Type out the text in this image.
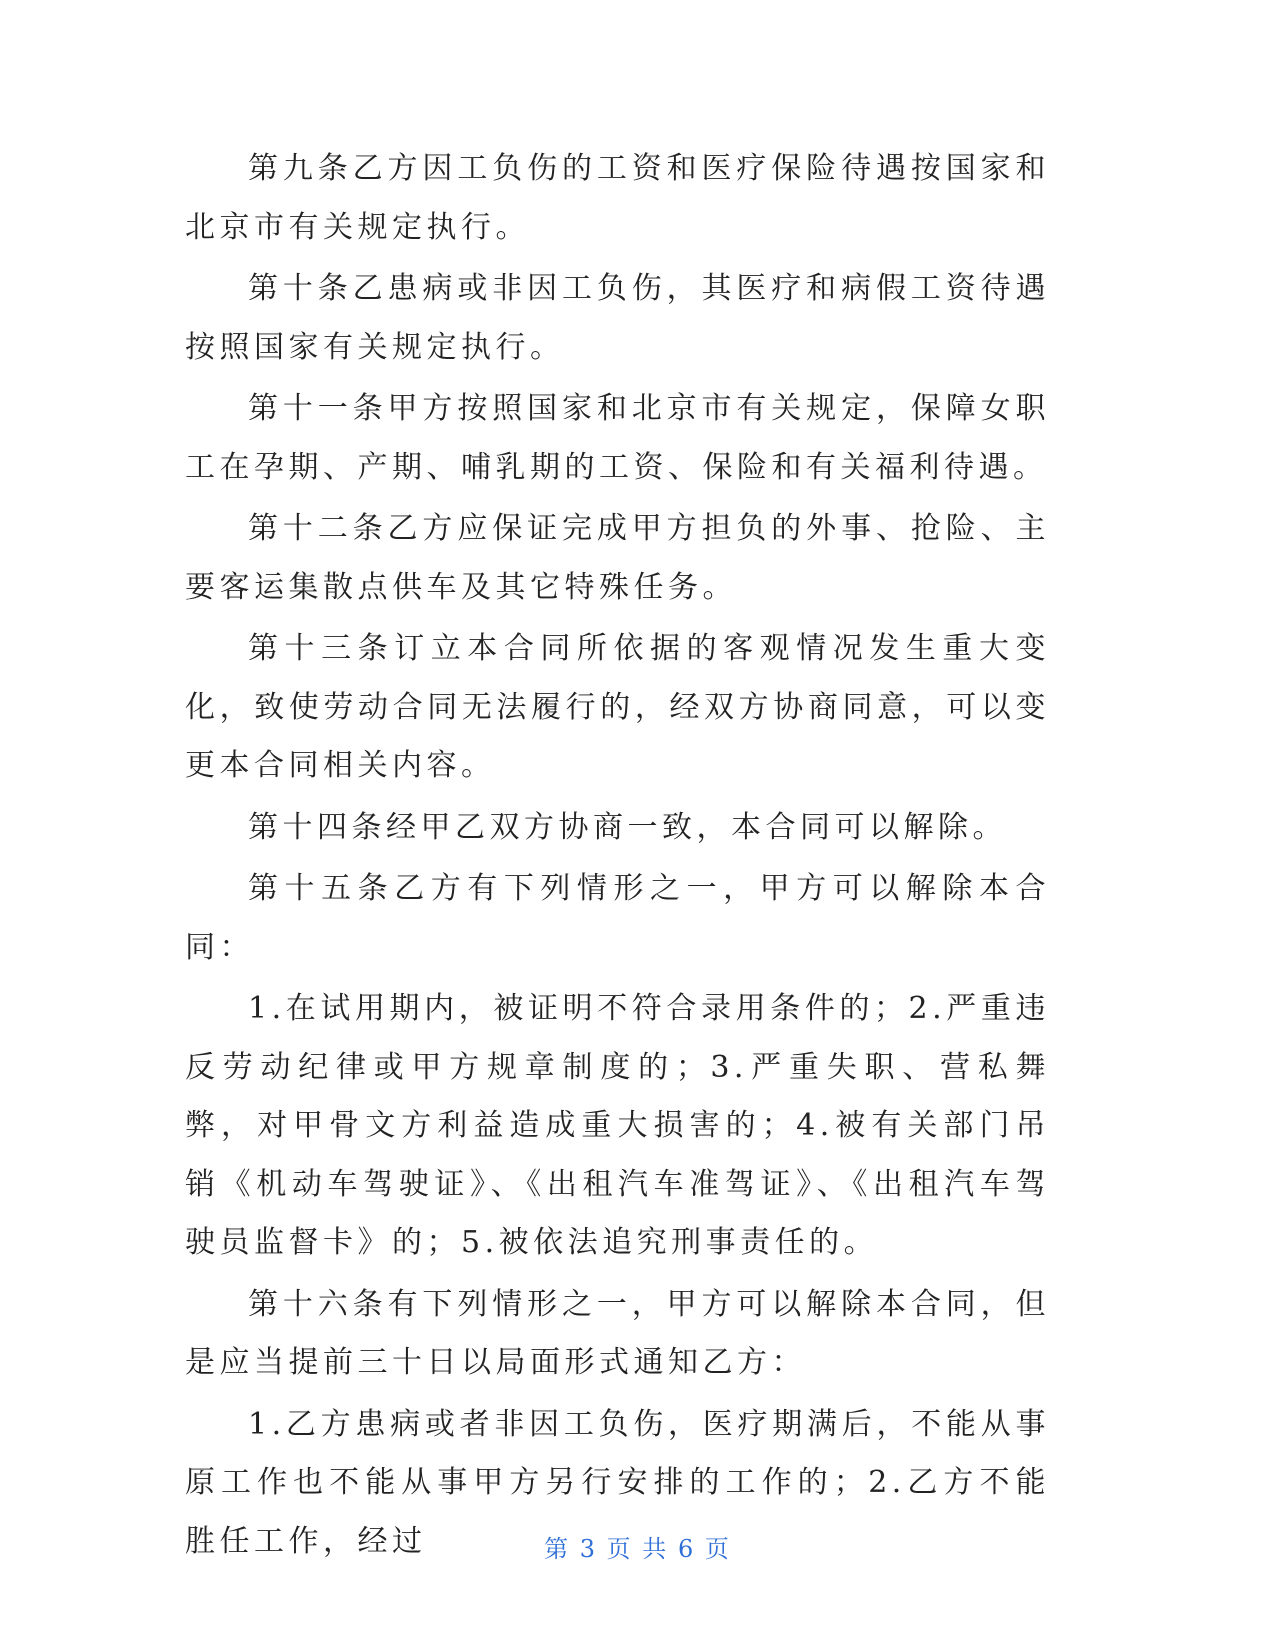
第九条乙方因工负伤的工资和医疗保险待遇按国家和北京市有关规定执行。

第十条乙患病或非因工负伤，其医疗和病假工资待遇按照国家有关规定执行。

第十一条甲方按照国家和北京市有关规定，保障女职工在孕期、产期、哺乳期的工资、保险和有关福利待遇。

第十二条乙方应保证完成甲方担负的外事、抢险、主要客运集散点供车及其它特殊任务。

第十三条订立本合同所依据的客观情况发生重大变化，致使劳动合同无法履行的，经双方协商同意，可以变更本合同相关内容。

第十四条经甲乙双方协商一致，本合同可以解除。

第十五条乙方有下列情形之一，甲方可以解除本合同：

1.在试用期内，被证明不符合录用条件的；2.严重违反劳动纪律或甲方规章制度的；3.严重失职、营私舞弊，对甲骨文方利益造成重大损害的；4.被有关部门吊销《机动车驾驶证》、《出租汽车准驾证》、《出租汽车驾驶员监督卡》的；5.被依法追究刑事责任的。

第十六条有下列情形之一，甲方可以解除本合同，但是应当提前三十日以局面形式通知乙方：

1.乙方患病或者非因工负伤，医疗期满后，不能从事原工作也不能从事甲方另行安排的工作的；2.乙方不能胜任工作，经过	第 3 页 共 6 页
